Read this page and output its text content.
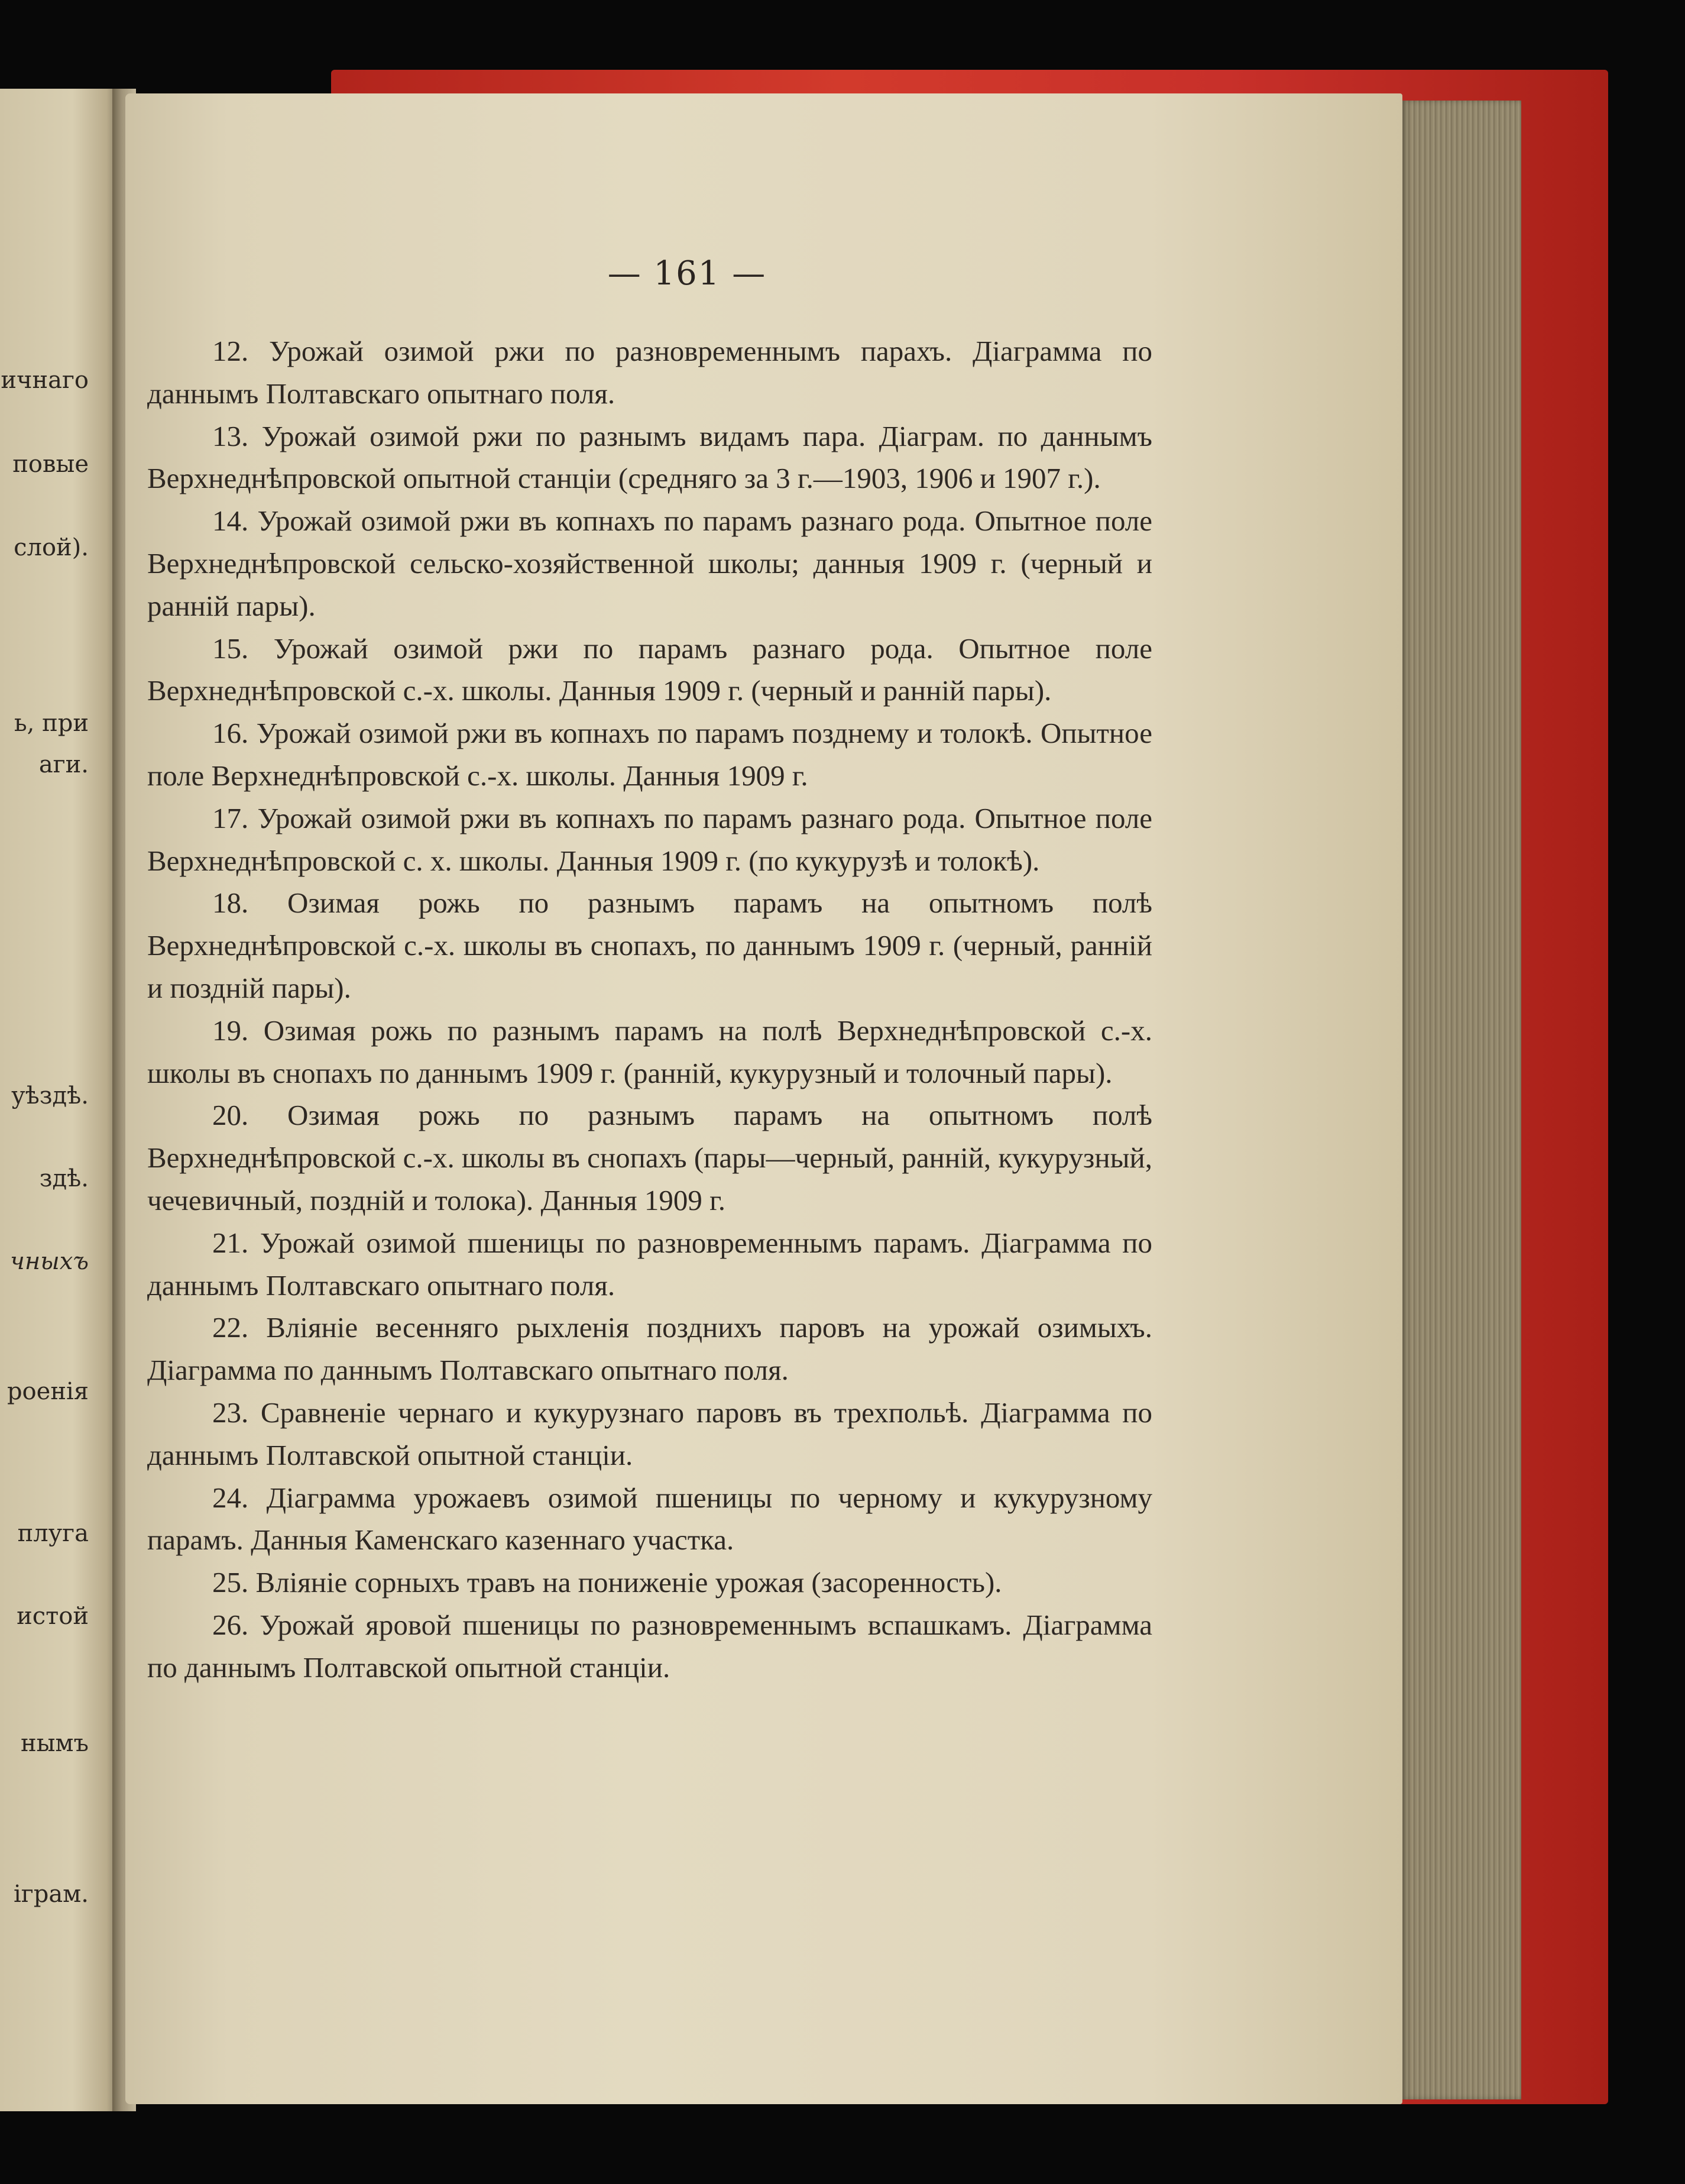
ичнаго
повые
слой).
ь, при
аги.
уѣздѣ.
здѣ.
чныхъ
роенія
плуга
истой
нымъ
іграм.
— 161 —

12. Урожай озимой ржи по разновременнымъ парахъ. Діаграмма по даннымъ Полтавскаго опытнаго поля.

13. Урожай озимой ржи по разнымъ видамъ пара. Діаграм. по даннымъ Верхнеднѣпровской опытной станціи (средняго за 3 г.—1903, 1906 и 1907 г.).

14. Урожай озимой ржи въ копнахъ по парамъ разнаго рода. Опытное поле Верхнеднѣпровской сельско-хозяйственной школы; данныя 1909 г. (черный и ранній пары).

15. Урожай озимой ржи по парамъ разнаго рода. Опытное поле Верхнеднѣпровской с.-х. школы. Данныя 1909 г. (черный и ранній пары).

16. Урожай озимой ржи въ копнахъ по парамъ позднему и толокѣ. Опытное поле Верхнеднѣпровской с.-х. школы. Данныя 1909 г.

17. Урожай озимой ржи въ копнахъ по парамъ разнаго рода. Опытное поле Верхнеднѣпровской с. х. школы. Данныя 1909 г. (по кукурузѣ и толокѣ).

18. Озимая рожь по разнымъ парамъ на опытномъ полѣ Верхнеднѣпровской с.-х. школы въ снопахъ, по даннымъ 1909 г. (черный, ранній и поздній пары).

19. Озимая рожь по разнымъ парамъ на полѣ Верхнеднѣпровской с.-х. школы въ снопахъ по даннымъ 1909 г. (ранній, кукурузный и толочный пары).

20. Озимая рожь по разнымъ парамъ на опытномъ полѣ Верхнеднѣпровской с.-х. школы въ снопахъ (пары—черный, ранній, кукурузный, чечевичный, поздній и толока). Данныя 1909 г.

21. Урожай озимой пшеницы по разновременнымъ парамъ. Діаграмма по даннымъ Полтавскаго опытнаго поля.

22. Вліяніе весенняго рыхленія позднихъ паровъ на урожай озимыхъ. Діаграмма по даннымъ Полтавскаго опытнаго поля.

23. Сравненіе чернаго и кукурузнаго паровъ въ трехпольѣ. Діаграмма по даннымъ Полтавской опытной станціи.

24. Діаграмма урожаевъ озимой пшеницы по черному и кукурузному парамъ. Данныя Каменскаго казеннаго участка.

25. Вліяніе сорныхъ травъ на пониженіе урожая (засоренность).

26. Урожай яровой пшеницы по разновременнымъ вспашкамъ. Діаграмма по даннымъ Полтавской опытной станціи.
